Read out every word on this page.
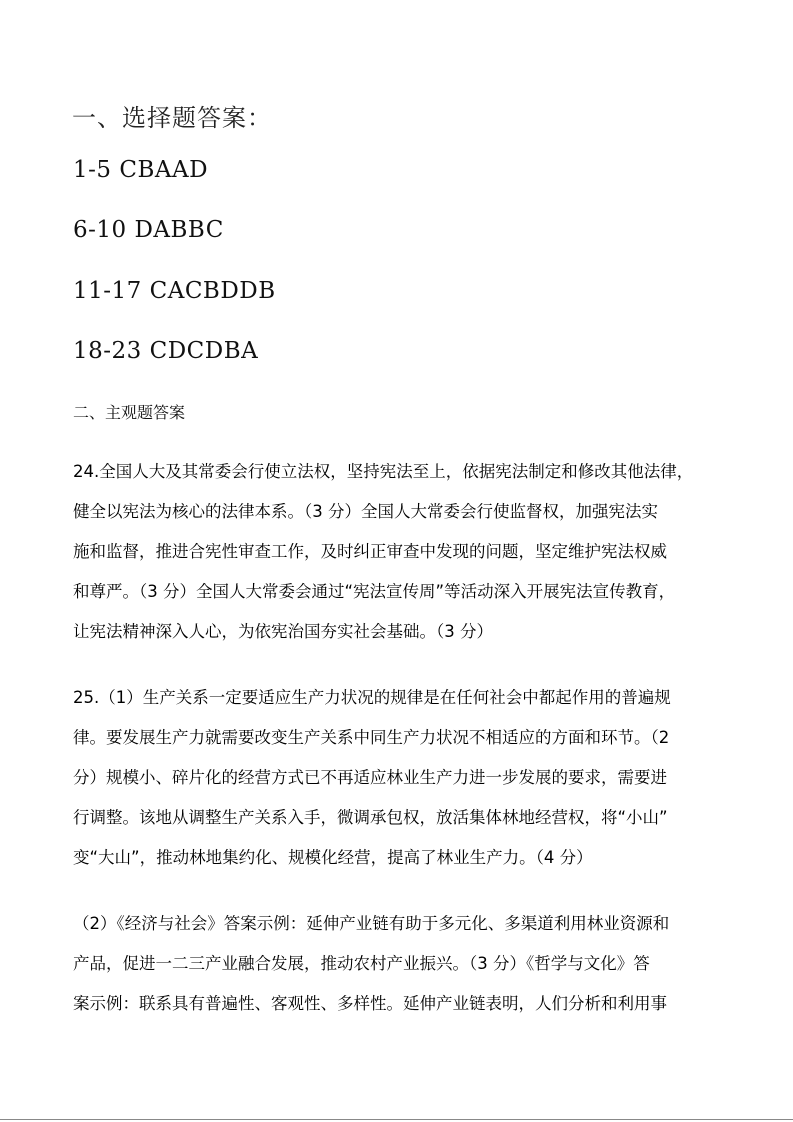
一、选择题答案：
1-5 CBAAD
6-10 DABBC
11-17 CACBDDB
18-23 CDCDBA
二、主观题答案
24.全国人大及其常委会行使立法权，坚持宪法至上，依据宪法制定和修改其他法律，
健全以宪法为核心的法律本系。（3 分）全国人大常委会行使监督权，加强宪法实
施和监督，推进合宪性审查工作，及时纠正审查中发现的问题，坚定维护宪法权威
和尊严。（3 分）全国人大常委会通过“宪法宣传周”等活动深入开展宪法宣传教育，
让宪法精神深入人心，为依宪治国夯实社会基础。（3 分）
25.（1）生产关系一定要适应生产力状况的规律是在任何社会中都起作用的普遍规
律。要发展生产力就需要改变生产关系中同生产力状况不相适应的方面和环节。（2
分）规模小、碎片化的经营方式已不再适应林业生产力进一步发展的要求，需要进
行调整。该地从调整生产关系入手，微调承包权，放活集体林地经营权，将“小山”
变“大山”，推动林地集约化、规模化经营，提高了林业生产力。（4 分）
（2）《经济与社会》答案示例：延伸产业链有助于多元化、多渠道利用林业资源和
产品，促进一二三产业融合发展，推动农村产业振兴。（3 分）《哲学与文化》答
案示例：联系具有普遍性、客观性、多样性。延伸产业链表明，人们分析和利用事
